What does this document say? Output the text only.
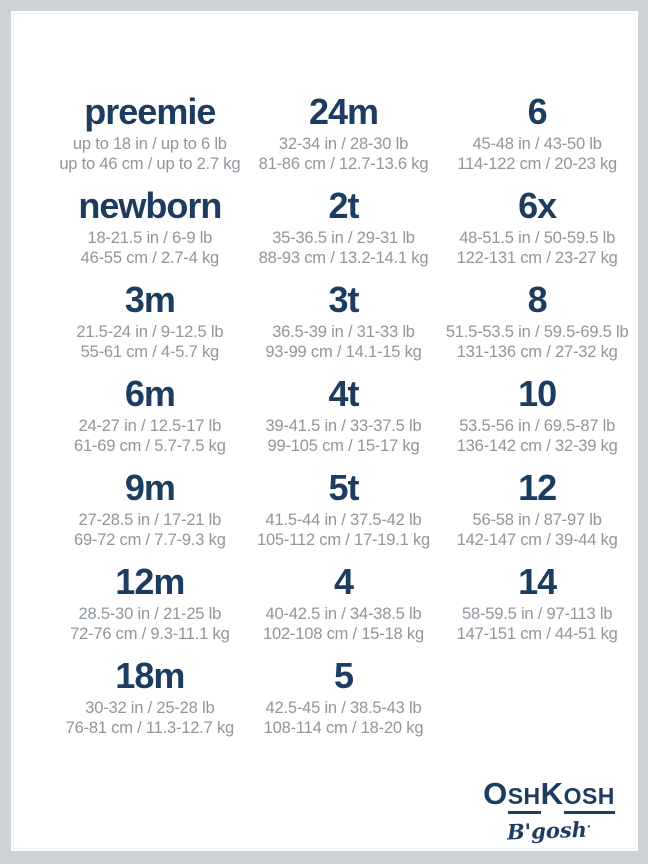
preemie
up to 18 in / up to 6 lb
up to 46 cm / up to 2.7 kg
24m
32-34 in / 28-30 lb
81-86 cm / 12.7-13.6 kg
6
45-48 in / 43-50 lb
114-122 cm / 20-23 kg
newborn
18-21.5 in / 6-9 lb
46-55 cm / 2.7-4 kg
2t
35-36.5 in / 29-31 lb
88-93 cm / 13.2-14.1 kg
6x
48-51.5 in / 50-59.5 lb
122-131 cm / 23-27 kg
3m
21.5-24 in / 9-12.5 lb
55-61 cm / 4-5.7 kg
3t
36.5-39 in / 31-33 lb
93-99 cm / 14.1-15 kg
8
51.5-53.5 in / 59.5-69.5 lb
131-136 cm / 27-32 kg
6m
24-27 in / 12.5-17 lb
61-69 cm / 5.7-7.5 kg
4t
39-41.5 in / 33-37.5 lb
99-105 cm / 15-17 kg
10
53.5-56 in / 69.5-87 lb
136-142 cm / 32-39 kg
9m
27-28.5 in / 17-21 lb
69-72 cm / 7.7-9.3 kg
5t
41.5-44 in / 37.5-42 lb
105-112 cm / 17-19.1 kg
12
56-58 in / 87-97 lb
142-147 cm / 39-44 kg
12m
28.5-30 in / 21-25 lb
72-76 cm / 9.3-11.1 kg
4
40-42.5 in / 34-38.5 lb
102-108 cm / 15-18 kg
14
58-59.5 in / 97-113 lb
147-151 cm / 44-51 kg
18m
30-32 in / 25-28 lb
76-81 cm / 11.3-12.7 kg
5
42.5-45 in / 38.5-43 lb
108-114 cm / 18-20 kg
OSHKOSH
B'gosh·
